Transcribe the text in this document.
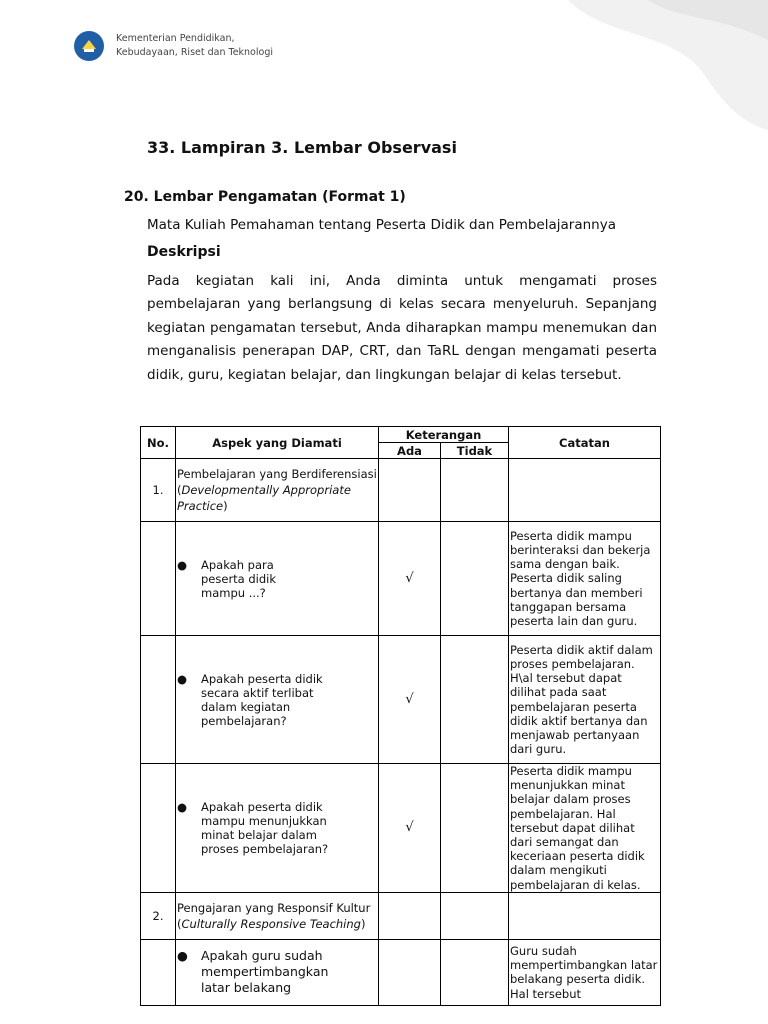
Kementerian Pendidikan,
Kebudayaan, Riset dan Teknologi
33. Lampiran 3. Lembar Observasi
20. Lembar Pengamatan (Format 1)
Mata Kuliah Pemahaman tentang Peserta Didik dan Pembelajarannya
Deskripsi
Pada kegiatan kali ini, Anda diminta untuk mengamati proses pembelajaran yang berlangsung di kelas secara menyeluruh. Sepanjang kegiatan pengamatan tersebut, Anda diharapkan mampu menemukan dan menganalisis penerapan DAP, CRT, dan TaRL dengan mengamati peserta didik, guru, kegiatan belajar, dan lingkungan belajar di kelas tersebut.
No.	Aspek yang Diamati	Keterangan		Catatan
		Ada	Tidak	
1.	Pembelajaran yang Berdiferensiasi
(Developmentally Appropriate Practice)			

	● Apakah para peserta didik mampu ...?	√		Peserta didik mampu berinteraksi dan bekerja sama dengan baik. Peserta didik saling bertanya dan memberi tanggapan bersama peserta lain dan guru.

	● Apakah peserta didik secara aktif terlibat dalam kegiatan pembelajaran?	√		Peserta didik aktif dalam proses pembelajaran. H\al tersebut dapat dilihat pada saat pembelajaran peserta didik aktif bertanya dan menjawab pertanyaan dari guru.

	● Apakah peserta didik mampu menunjukkan minat belajar dalam proses pembelajaran?	√		Peserta didik mampu menunjukkan minat belajar dalam proses pembelajaran. Hal tersebut dapat dilihat dari semangat dan keceriaan peserta didik dalam mengikuti pembelajaran di kelas.
2.	Pengajaran yang Responsif Kultur (Culturally Responsive Teaching)			

	● Apakah guru sudah mempertimbangkan latar belakang			Guru sudah mempertimbangkan latar belakang peserta didik. Hal tersebut
